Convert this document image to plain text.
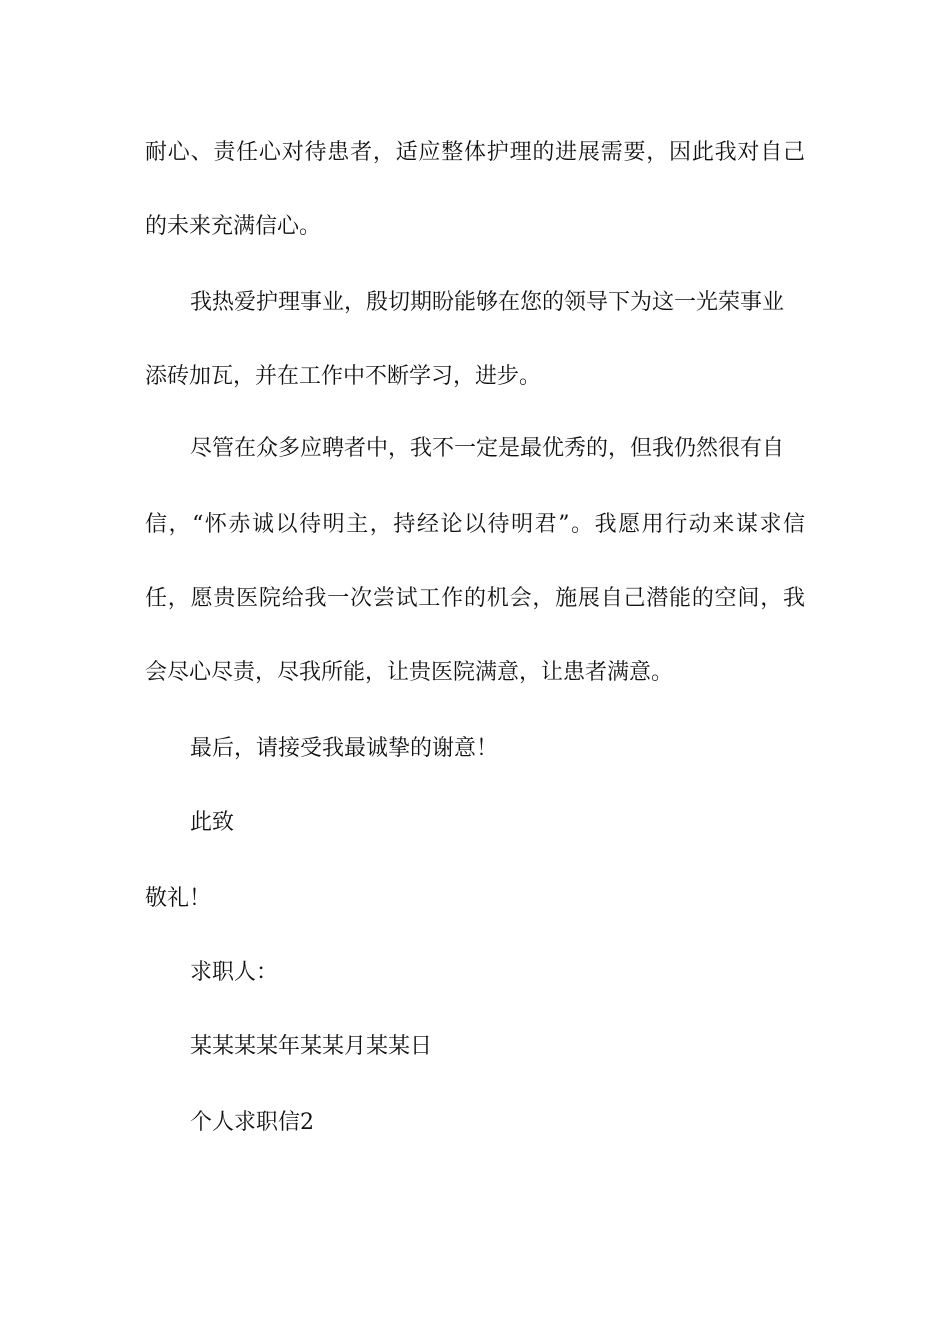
耐心、责任心对待患者，适应整体护理的进展需要，因此我对自己

的未来充满信心。

我热爱护理事业，殷切期盼能够在您的领导下为这一光荣事业

添砖加瓦，并在工作中不断学习，进步。

尽管在众多应聘者中，我不一定是最优秀的，但我仍然很有自

信，“怀赤诚以待明主，持经论以待明君”。我愿用行动来谋求信

任，愿贵医院给我一次尝试工作的机会，施展自己潜能的空间，我

会尽心尽责，尽我所能，让贵医院满意，让患者满意。

最后，请接受我最诚挚的谢意！

此致

敬礼！

求职人：

某某某某年某某月某某日

个人求职信2
